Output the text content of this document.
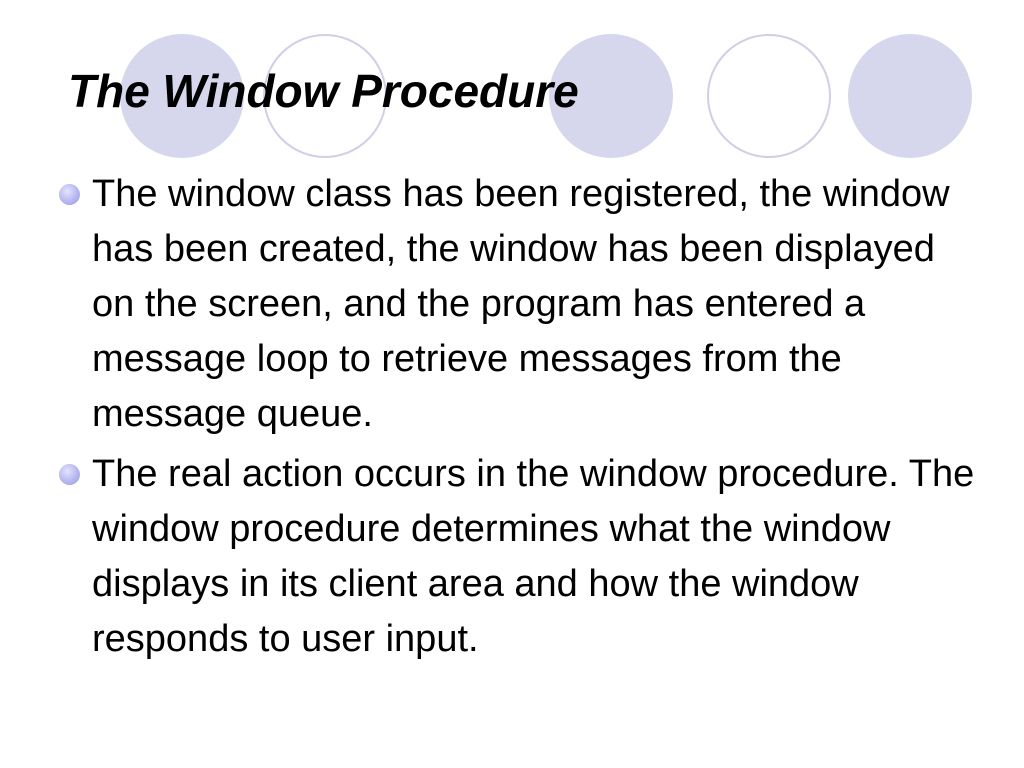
The Window Procedure
The window class has been registered, the window has been created, the window has been displayed on the screen, and the program has entered a message loop to retrieve messages from the message queue.
The real action occurs in the window procedure. The window procedure determines what the window displays in its client area and how the window responds to user input.
